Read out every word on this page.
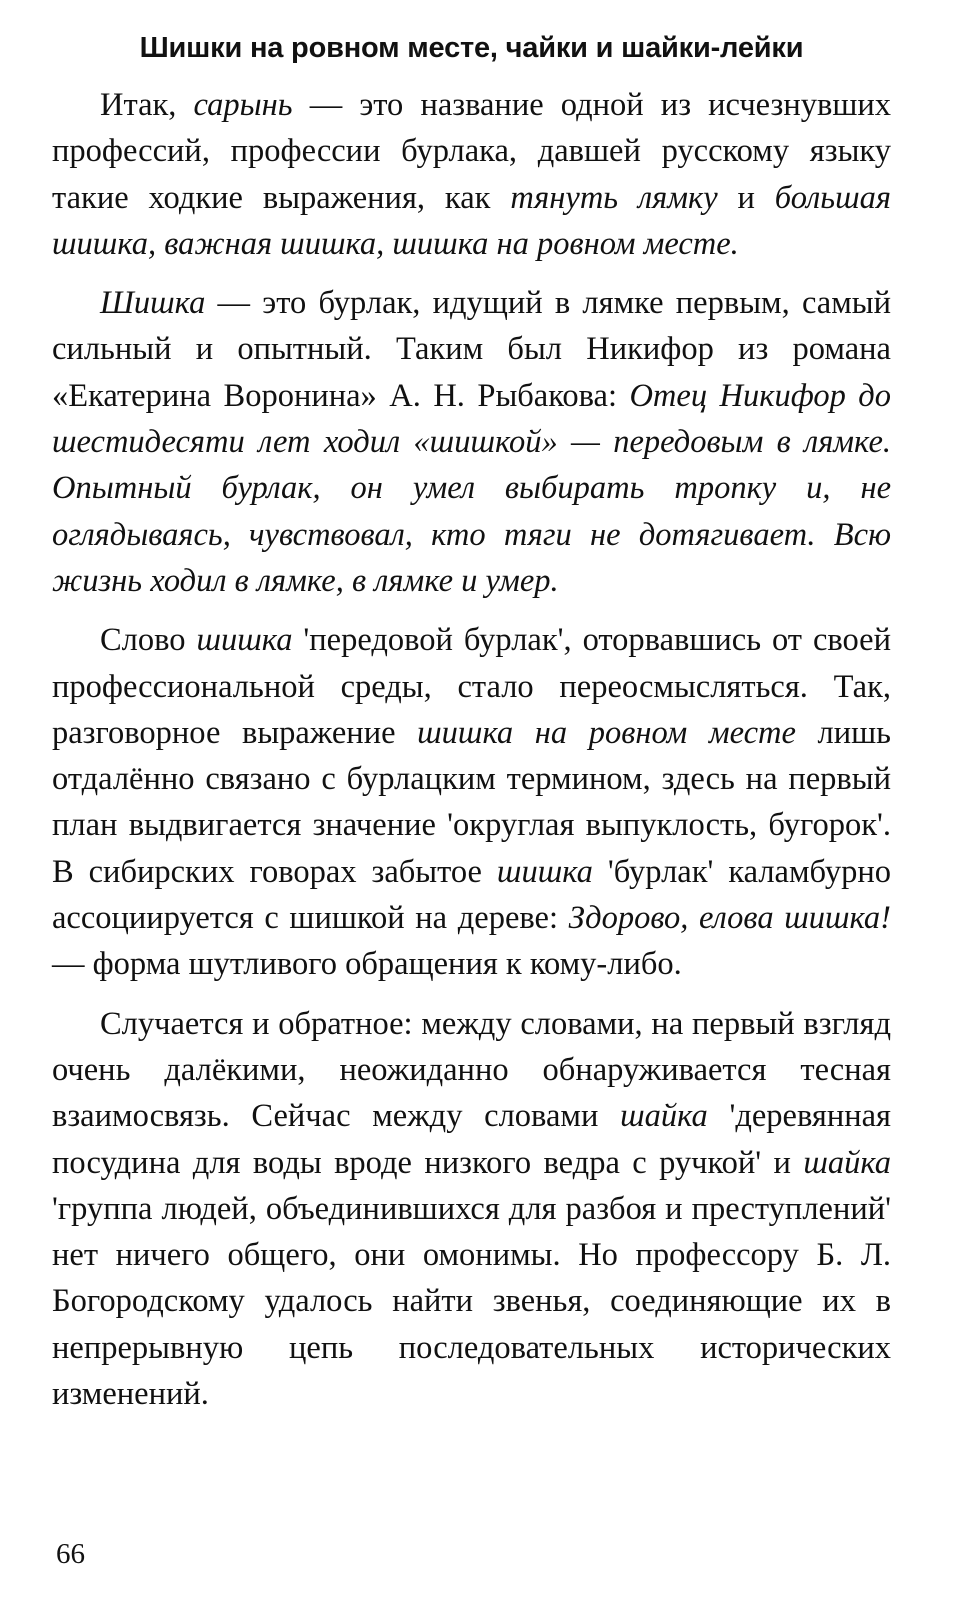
Шишки на ровном месте, чайки и шайки-лейки

Итак, сарынь — это название одной из исчезнувших профессий, профессии бурлака, давшей русскому языку такие ходкие выражения, как тянуть лямку и большая шишка, важная шишка, шишка на ровном месте.

Шишка — это бурлак, идущий в лямке первым, самый сильный и опытный. Таким был Никифор из романа «Екатерина Воронина» А. Н. Рыбакова: Отец Никифор до шестидесяти лет ходил «шишкой» — передовым в лямке. Опытный бурлак, он умел выбирать тропку и, не оглядываясь, чувствовал, кто тяги не дотягивает. Всю жизнь ходил в лямке, в лямке и умер.

Слово шишка 'передовой бурлак', оторвавшись от своей профессиональной среды, стало переосмысляться. Так, разговорное выражение шишка на ровном месте лишь отдалённо связано с бурлацким термином, здесь на первый план выдвигается значение 'округлая выпуклость, бугорок'. В сибирских говорах забытое шишка 'бурлак' каламбурно ассоциируется с шишкой на дереве: Здорово, елова шишка! — форма шутливого обращения к кому-либо.

Случается и обратное: между словами, на первый взгляд очень далёкими, неожиданно обнаруживается тесная взаимосвязь. Сейчас между словами шайка 'деревянная посудина для воды вроде низкого ведра с ручкой' и шайка 'группа людей, объединившихся для разбоя и преступлений' нет ничего общего, они омонимы. Но профессору Б. Л. Богородскому удалось найти звенья, соединяющие их в непрерывную цепь последовательных исторических изменений.

66
